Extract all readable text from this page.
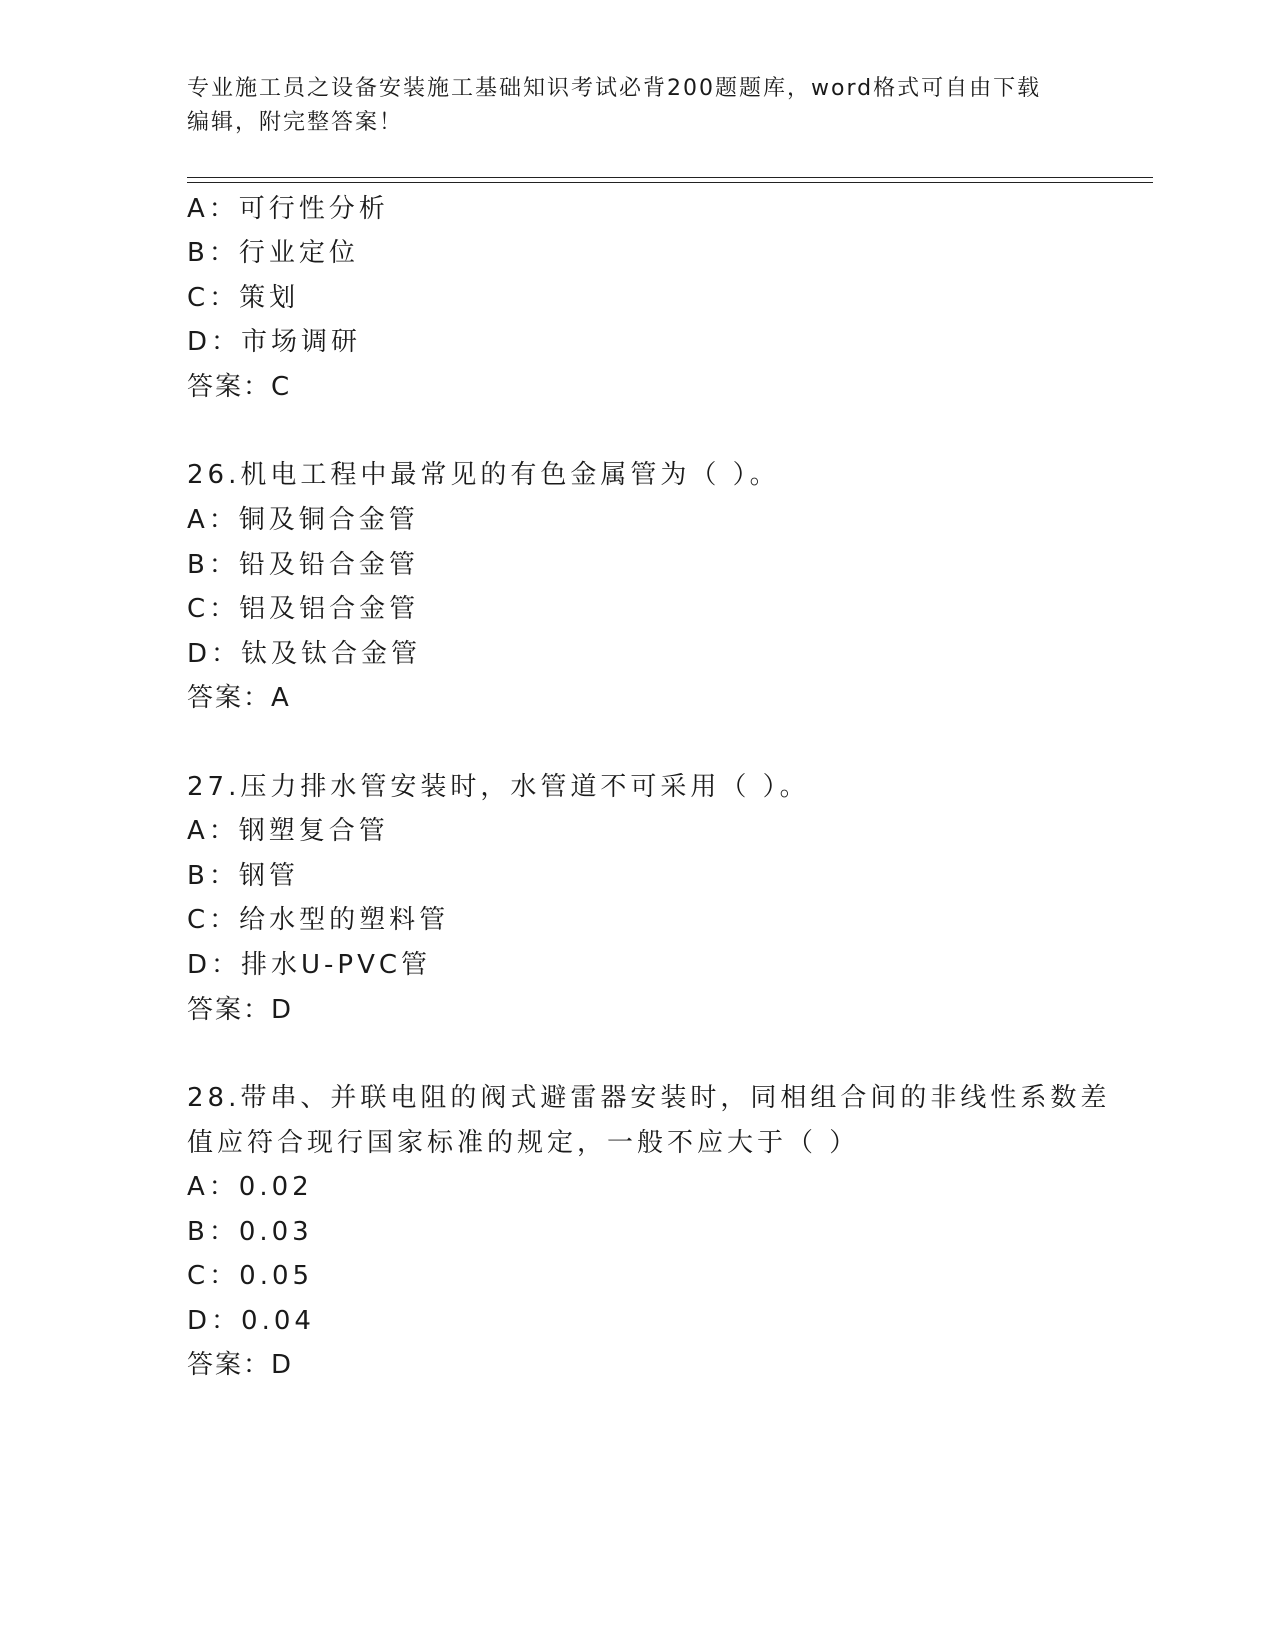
专业施工员之设备安装施工基础知识考试必背200题题库，word格式可自由下载
编辑，附完整答案！
A：可行性分析
B：行业定位
C：策划
D：市场调研
答案：C
26.机电工程中最常见的有色金属管为（ ）。
A：铜及铜合金管
B：铅及铅合金管
C：铝及铝合金管
D：钛及钛合金管
答案：A
27.压力排水管安装时，水管道不可采用（ ）。
A：钢塑复合管
B：钢管
C：给水型的塑料管
D：排水U-PVC管
答案：D
28.带串、并联电阻的阀式避雷器安装时，同相组合间的非线性系数差
值应符合现行国家标准的规定，一般不应大于（ ）
A：0.02
B：0.03
C：0.05
D：0.04
答案：D
